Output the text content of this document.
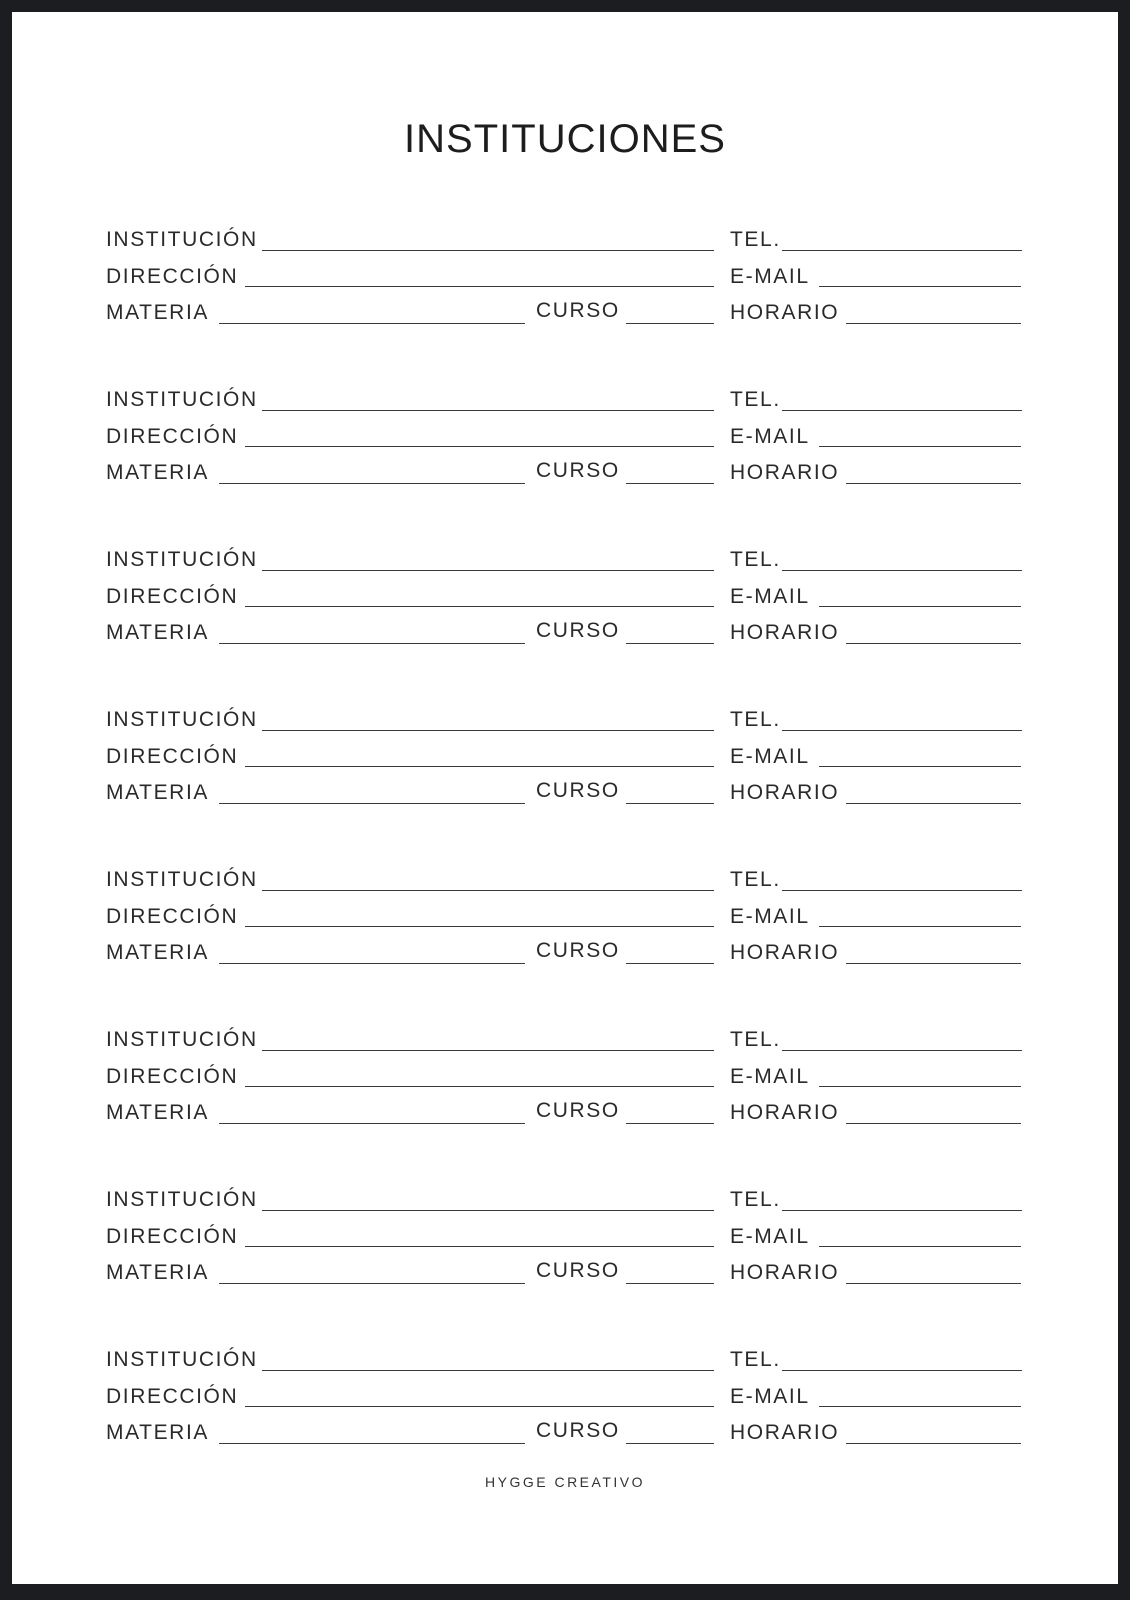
INSTITUCIONES
INSTITUCIÓN	TEL.
DIRECCIÓN	E-MAIL
MATERIA	CURSO	HORARIO
INSTITUCIÓN	TEL.
DIRECCIÓN	E-MAIL
MATERIA	CURSO	HORARIO
INSTITUCIÓN	TEL.
DIRECCIÓN	E-MAIL
MATERIA	CURSO	HORARIO
INSTITUCIÓN	TEL.
DIRECCIÓN	E-MAIL
MATERIA	CURSO	HORARIO
INSTITUCIÓN	TEL.
DIRECCIÓN	E-MAIL
MATERIA	CURSO	HORARIO
INSTITUCIÓN	TEL.
DIRECCIÓN	E-MAIL
MATERIA	CURSO	HORARIO
INSTITUCIÓN	TEL.
DIRECCIÓN	E-MAIL
MATERIA	CURSO	HORARIO
INSTITUCIÓN	TEL.
DIRECCIÓN	E-MAIL
MATERIA	CURSO	HORARIO
HYGGE CREATIVO
